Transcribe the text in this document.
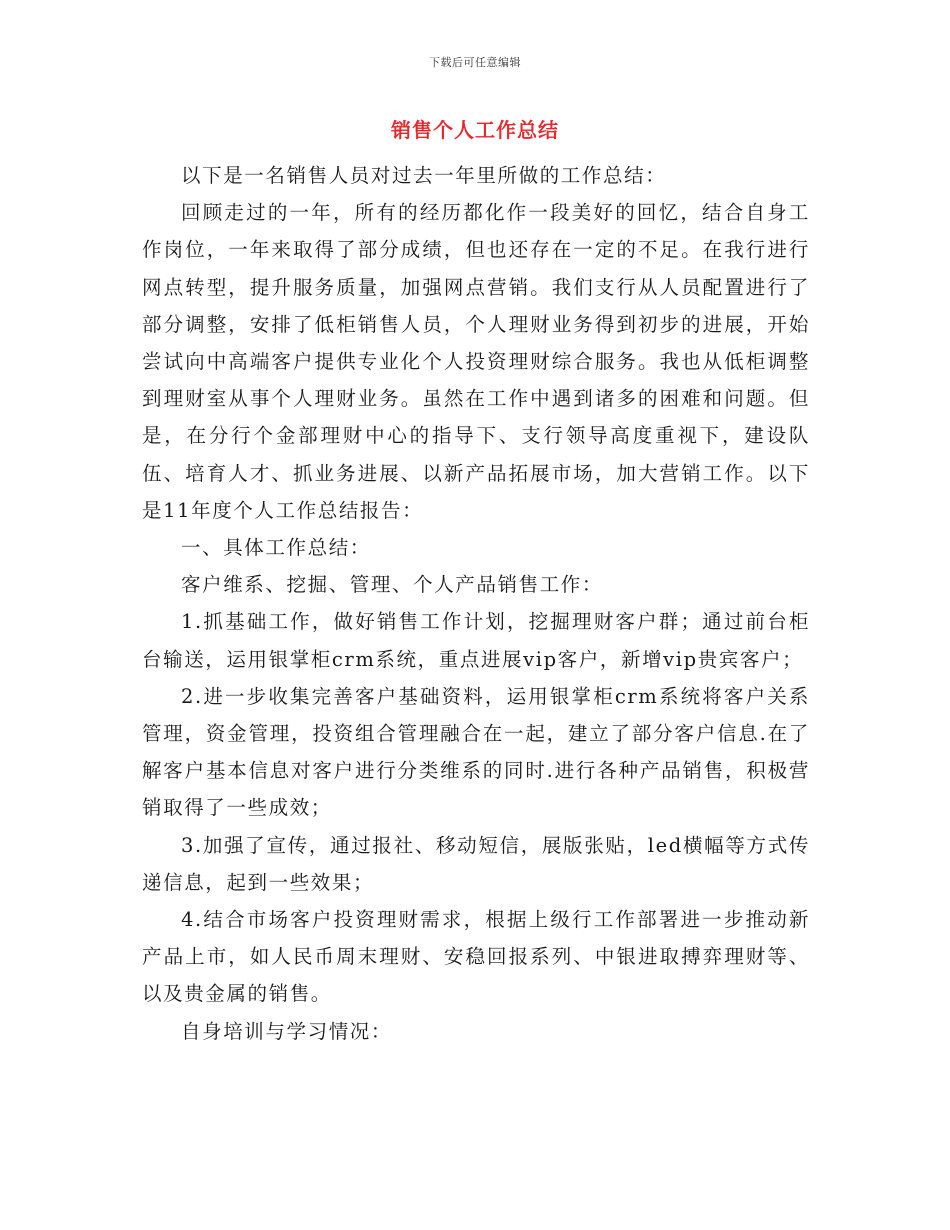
下载后可任意编辑
销售个人工作总结

以下是一名销售人员对过去一年里所做的工作总结：

回顾走过的一年，所有的经历都化作一段美好的回忆，结合自身工作岗位，一年来取得了部分成绩，但也还存在一定的不足。在我行进行网点转型，提升服务质量，加强网点营销。我们支行从人员配置进行了部分调整，安排了低柜销售人员，个人理财业务得到初步的进展，开始尝试向中高端客户提供专业化个人投资理财综合服务。我也从低柜调整到理财室从事个人理财业务。虽然在工作中遇到诸多的困难和问题。但是，在分行个金部理财中心的指导下、支行领导高度重视下，建设队伍、培育人才、抓业务进展、以新产品拓展市场，加大营销工作。以下是11年度个人工作总结报告：

一、具体工作总结：

客户维系、挖掘、管理、个人产品销售工作：

1.抓基础工作，做好销售工作计划，挖掘理财客户群；通过前台柜台输送，运用银掌柜crm系统，重点进展vip客户，新增vip贵宾客户；

2.进一步收集完善客户基础资料，运用银掌柜crm系统将客户关系管理，资金管理，投资组合管理融合在一起，建立了部分客户信息.在了解客户基本信息对客户进行分类维系的同时.进行各种产品销售，积极营销取得了一些成效；

3.加强了宣传，通过报社、移动短信，展版张贴，led横幅等方式传递信息，起到一些效果；

4.结合市场客户投资理财需求，根据上级行工作部署进一步推动新产品上市，如人民币周末理财、安稳回报系列、中银进取搏弈理财等、以及贵金属的销售。

自身培训与学习情况：
